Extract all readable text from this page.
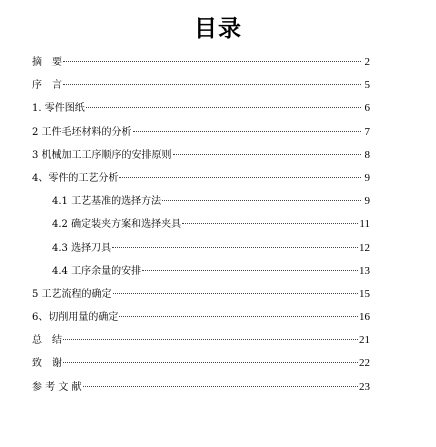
目录
摘　要	2
序　言	5
1. 零件图纸	6
2 工件毛坯材料的分析	7
3 机械加工工序顺序的安排原则	8
4、零件的工艺分析	9
4.1 工艺基准的选择方法	9
4.2 确定装夹方案和选择夹具	11
4.3 选择刀具	12
4.4 工序余量的安排	13
5 工艺流程的确定	15
6、切削用量的确定	16
总　结	21
致　谢	22
参 考 文 献	23
